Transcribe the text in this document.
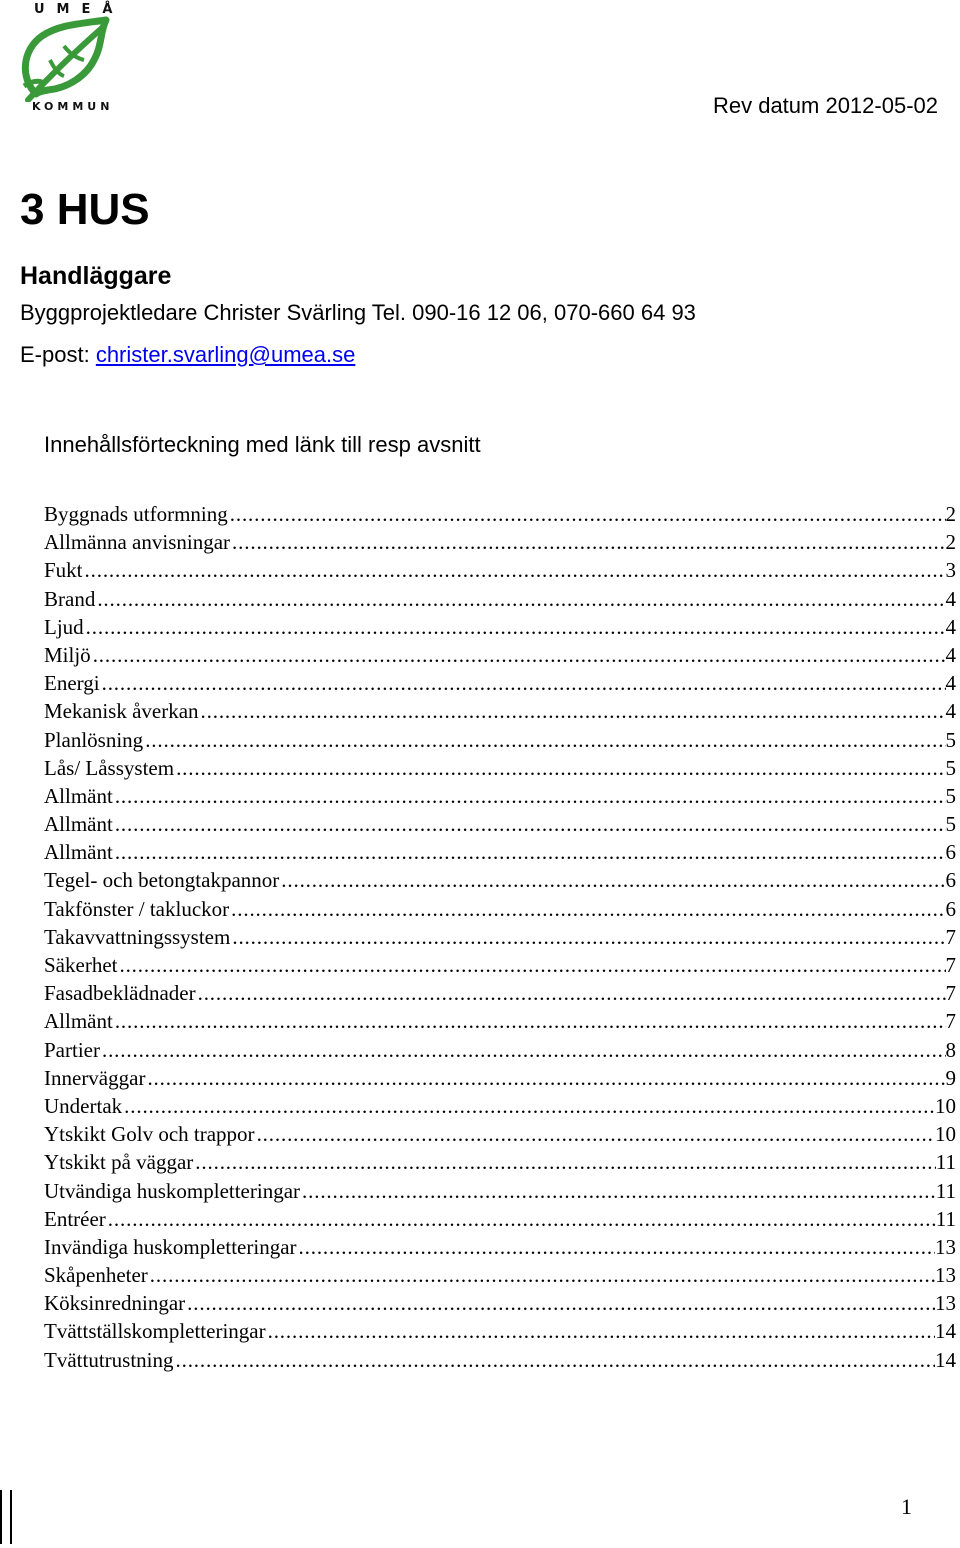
UMEÅ
KOMMUN	Rev datum 2012-05-02
3 HUS
Handläggare
Byggprojektledare Christer Svärling Tel. 090-16 12 06, 070-660 64 93
E-post: christer.svarling@umea.se
Innehållsförteckning med länk till resp avsnitt
Byggnads utformning . . .	2
Allmänna anvisningar . . .	2
Fukt . . .	3
Brand . . .	4
Ljud . . .	4
Miljö . . .	4
Energi . . .	4
Mekanisk åverkan . . .	4
Planlösning . . .	5
Lås/ Låssystem . . .	5
Allmänt . . .	5
Allmänt . . .	5
Allmänt . . .	6
Tegel- och betongtakpannor . . .	6
Takfönster / takluckor . . .	6
Takavvattningssystem . . .	7
Säkerhet . . .	7
Fasadbeklädnader . . .	7
Allmänt . . .	7
Partier . . .	8
Innerväggar . . .	9
Undertak . . .	10
Ytskikt Golv och trappor . . .	10
Ytskikt på väggar . . .	11
Utvändiga huskompletteringar . . .	11
Entréer . . .	11
Invändiga huskompletteringar . . .	13
Skåpenheter . . .	13
Köksinredningar . . .	13
Tvättställskompletteringar . . .	14
Tvättutrustning . . .	14
1
